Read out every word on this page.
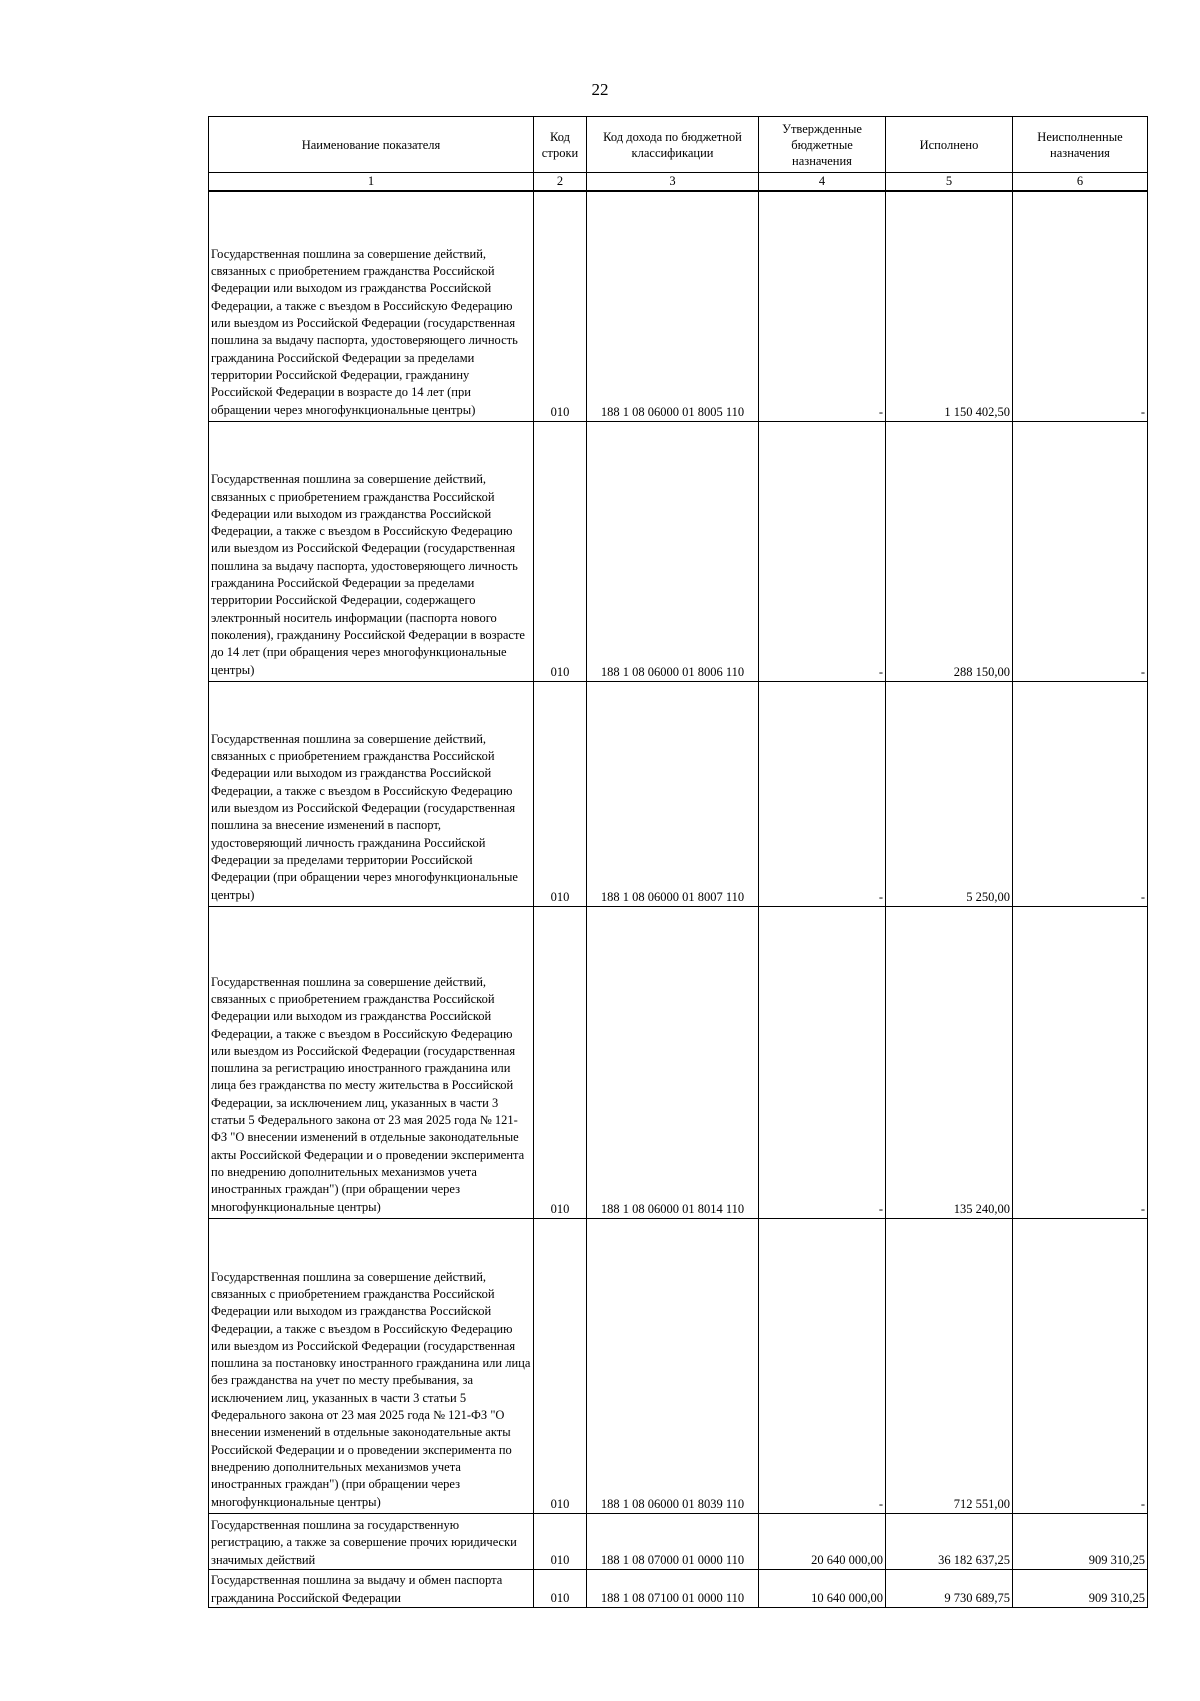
22
Наименование показателя	Код строки	Код дохода по бюджетной классификации	Утвержденные бюджетные назначения	Исполнено	Неисполненные назначения
1	2	3	4	5	6
Государственная пошлина за совершение действий, связанных с приобретением гражданства Российской Федерации или выходом из гражданства Российской Федерации, а также с въездом в Российскую Федерацию или выездом из Российской Федерации (государственная пошлина за выдачу паспорта, удостоверяющего личность гражданина Российской Федерации за пределами территории Российской Федерации, гражданину Российской Федерации в возрасте до 14 лет (при обращении через многофункциональные центры)	010	188 1 08 06000 01 8005 110	-	1 150 402,50	-
Государственная пошлина за совершение действий, связанных с приобретением гражданства Российской Федерации или выходом из гражданства Российской Федерации, а также с въездом в Российскую Федерацию или выездом из Российской Федерации (государственная пошлина за выдачу паспорта, удостоверяющего личность гражданина Российской Федерации за пределами территории Российской Федерации, содержащего электронный носитель информации (паспорта нового поколения), гражданину Российской Федерации в возрасте до 14 лет (при обращения через многофункциональные центры)	010	188 1 08 06000 01 8006 110	-	288 150,00	-
Государственная пошлина за совершение действий, связанных с приобретением гражданства Российской Федерации или выходом из гражданства Российской Федерации, а также с въездом в Российскую Федерацию или выездом из Российской Федерации (государственная пошлина за внесение изменений в паспорт, удостоверяющий личность гражданина Российской Федерации за пределами территории Российской Федерации (при обращении через многофункциональные центры)	010	188 1 08 06000 01 8007 110	-	5 250,00	-
Государственная пошлина за совершение действий, связанных с приобретением гражданства Российской Федерации или выходом из гражданства Российской Федерации, а также с въездом в Российскую Федерацию или выездом из Российской Федерации (государственная пошлина за регистрацию иностранного гражданина или лица без гражданства по месту жительства в Российской Федерации, за исключением лиц, указанных в части 3 статьи 5 Федерального закона от 23 мая 2025 года № 121-ФЗ "О внесении изменений в отдельные законодательные акты Российской Федерации и о проведении эксперимента по внедрению дополнительных механизмов учета иностранных граждан") (при обращении через многофункциональные центры)	010	188 1 08 06000 01 8014 110	-	135 240,00	-
Государственная пошлина за совершение действий, связанных с приобретением гражданства Российской Федерации или выходом из гражданства Российской Федерации, а также с въездом в Российскую Федерацию или выездом из Российской Федерации (государственная пошлина за постановку иностранного гражданина или лица без гражданства на учет по месту пребывания, за исключением лиц, указанных в части 3 статьи 5 Федерального закона от 23 мая 2025 года № 121-ФЗ "О внесении изменений в отдельные законодательные акты Российской Федерации и о проведении эксперимента по внедрению дополнительных механизмов учета иностранных граждан") (при обращении через многофункциональные центры)	010	188 1 08 06000 01 8039 110	-	712 551,00	-
Государственная пошлина за государственную регистрацию, а также за совершение прочих юридически значимых действий	010	188 1 08 07000 01 0000 110	20 640 000,00	36 182 637,25	909 310,25
Государственная пошлина за выдачу и обмен паспорта гражданина Российской Федерации	010	188 1 08 07100 01 0000 110	10 640 000,00	9 730 689,75	909 310,25
